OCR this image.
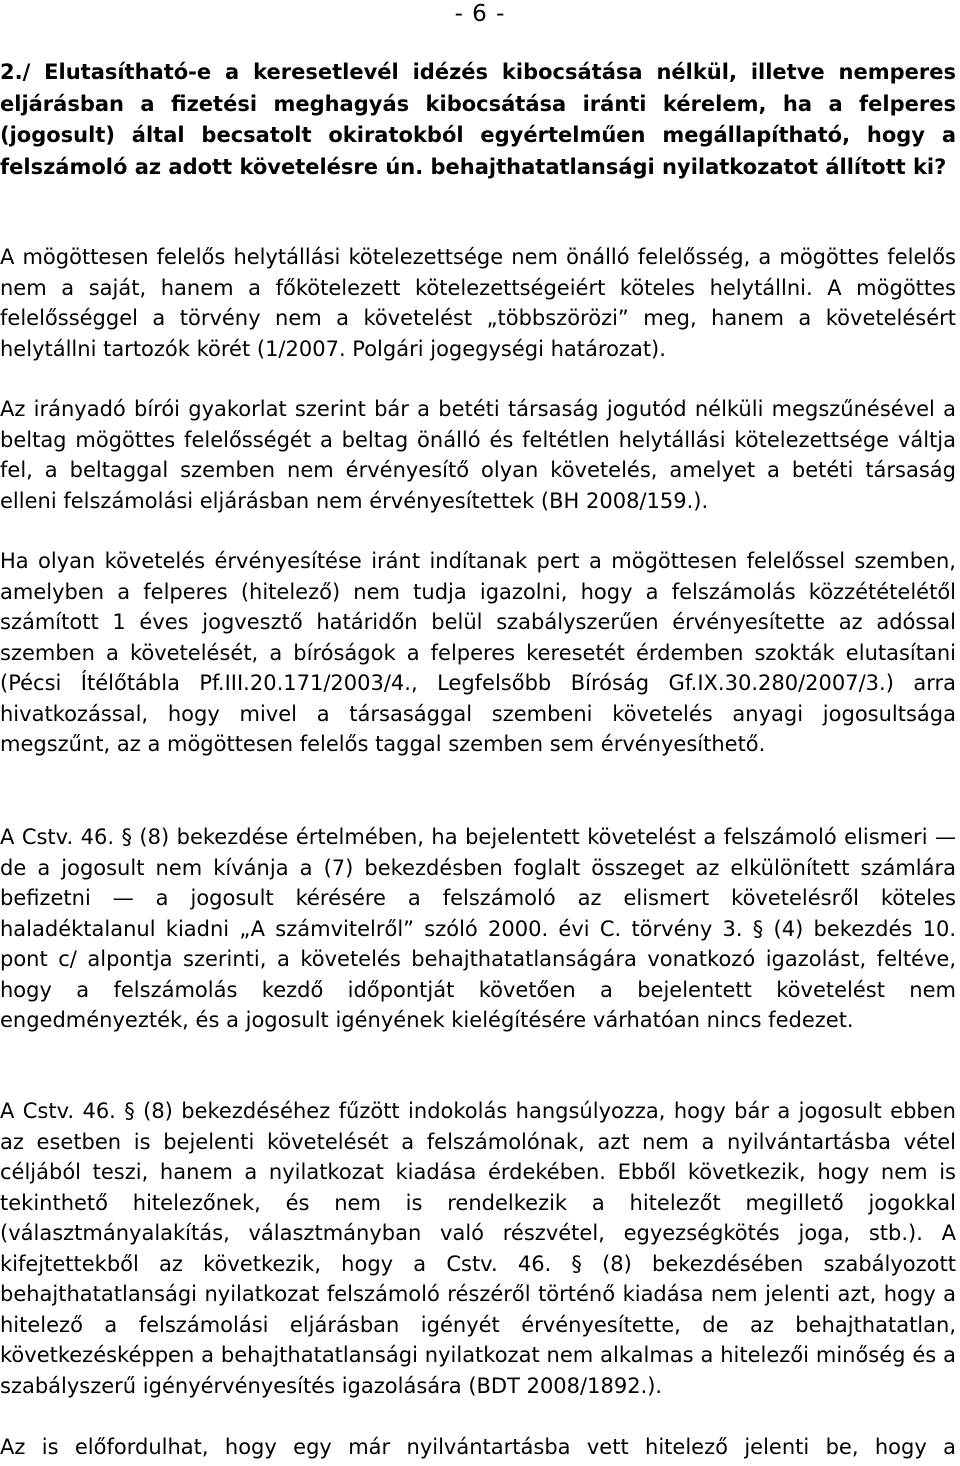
- 6 -
2./ Elutasítható-e a keresetlevél idézés kibocsátása nélkül, illetve nemperes eljárásban a fizetési meghagyás kibocsátása iránti kérelem, ha a felperes (jogosult) által becsatolt okiratokból egyértelműen megállapítható, hogy a felszámoló az adott követelésre ún. behajthatatlansági nyilatkozatot állított ki?

A mögöttesen felelős helytállási kötelezettsége nem önálló felelősség, a mögöttes felelős nem a saját, hanem a főkötelezett kötelezettségeiért köteles helytállni. A mögöttes felelősséggel a törvény nem a követelést „többszörözi” meg, hanem a követelésért helytállni tartozók körét (1/2007. Polgári jogegységi határozat).

Az irányadó bírói gyakorlat szerint bár a betéti társaság jogutód nélküli megszűnésével a beltag mögöttes felelősségét a beltag önálló és feltétlen helytállási kötelezettsége váltja fel, a beltaggal szemben nem érvényesítő olyan követelés, amelyet a betéti társaság elleni felszámolási eljárásban nem érvényesítettek (BH 2008/159.).

Ha olyan követelés érvényesítése iránt indítanak pert a mögöttesen felelőssel szemben, amelyben a felperes (hitelező) nem tudja igazolni, hogy a felszámolás közzétételétől számított 1 éves jogvesztő határidőn belül szabályszerűen érvényesítette az adóssal szemben a követelését, a bíróságok a felperes keresetét érdemben szokták elutasítani (Pécsi Ítélőtábla Pf.III.20.171/2003/4., Legfelsőbb Bíróság Gf.IX.30.280/2007/3.) arra hivatkozással, hogy mivel a társasággal szembeni követelés anyagi jogosultsága megszűnt, az a mögöttesen felelős taggal szemben sem érvényesíthető.

A Cstv. 46. § (8) bekezdése értelmében, ha bejelentett követelést a felszámoló elismeri — de a jogosult nem kívánja a (7) bekezdésben foglalt összeget az elkülönített számlára befizetni — a jogosult kérésére a felszámoló az elismert követelésről köteles haladéktalanul kiadni „A számvitelről” szóló 2000. évi C. törvény 3. § (4) bekezdés 10. pont c/ alpontja szerinti, a követelés behajthatatlanságára vonatkozó igazolást, feltéve, hogy a felszámolás kezdő időpontját követően a bejelentett követelést nem engedményezték, és a jogosult igényének kielégítésére várhatóan nincs fedezet.

A Cstv. 46. § (8) bekezdéséhez fűzött indokolás hangsúlyozza, hogy bár a jogosult ebben az esetben is bejelenti követelését a felszámolónak, azt nem a nyilvántartásba vétel céljából teszi, hanem a nyilatkozat kiadása érdekében. Ebből következik, hogy nem is tekinthető hitelezőnek, és nem is rendelkezik a hitelezőt megillető jogokkal (választmányalakítás, választmányban való részvétel, egyezségkötés joga, stb.). A kifejtettekből az következik, hogy a Cstv. 46. § (8) bekezdésében szabályozott behajthatatlansági nyilatkozat felszámoló részéről történő kiadása nem jelenti azt, hogy a hitelező a felszámolási eljárásban igényét érvényesítette, de az behajthatatlan, következésképpen a behajthatatlansági nyilatkozat nem alkalmas a hitelezői minőség és a szabályszerű igényérvényesítés igazolására (BDT 2008/1892.).

Az is előfordulhat, hogy egy már nyilvántartásba vett hitelező jelenti be, hogy a
